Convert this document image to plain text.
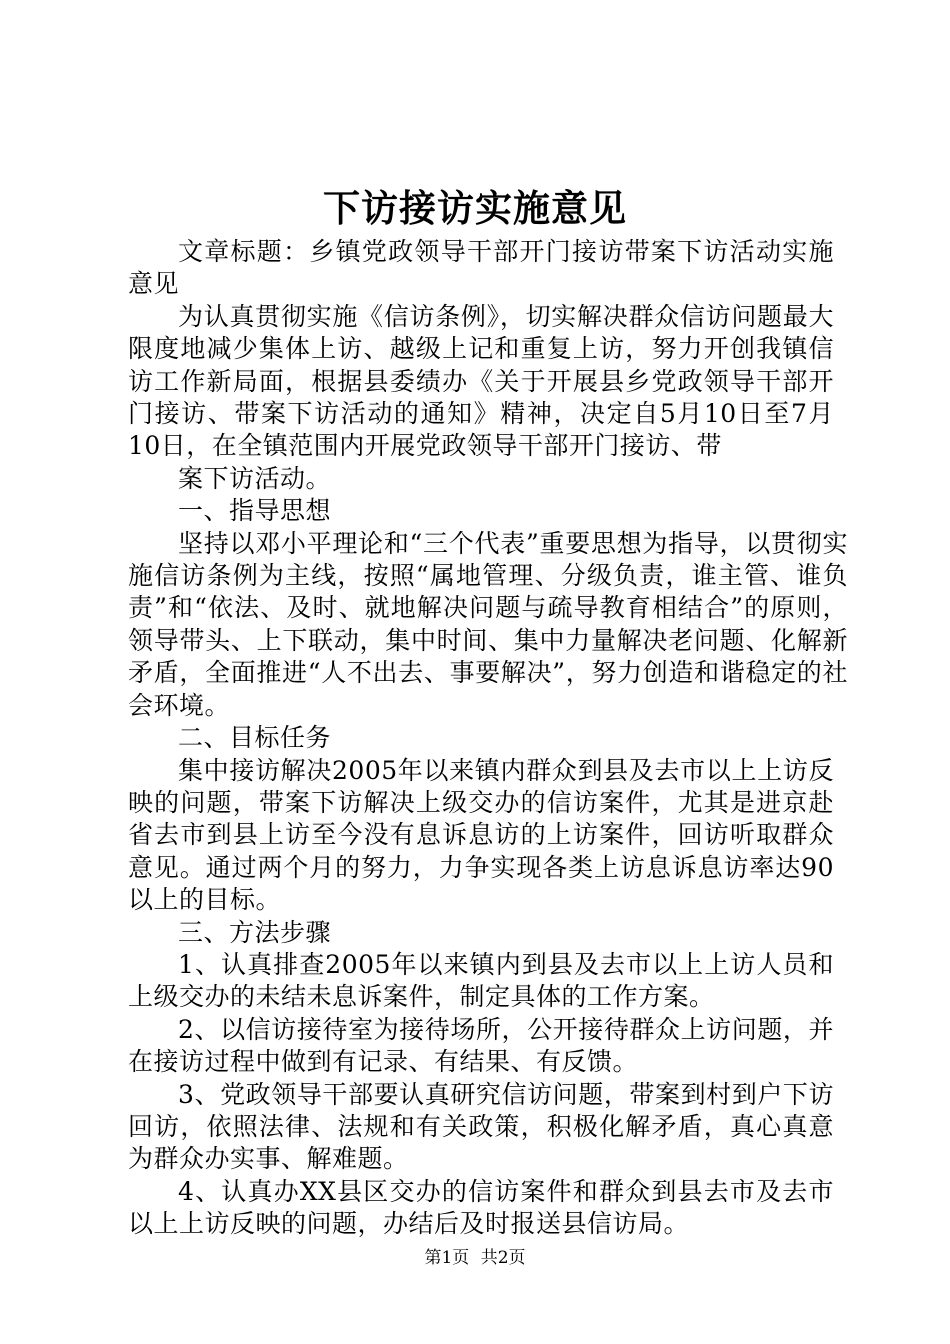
下访接访实施意见

文章标题：乡镇党政领导干部开门接访带案下访活动实施意见

为认真贯彻实施《信访条例》，切实解决群众信访问题最大限度地减少集体上访、越级上记和重复上访，努力开创我镇信访工作新局面，根据县委绩办《关于开展县乡党政领导干部开门接访、带案下访活动的通知》精神，决定自5月10日至7月10日，在全镇范围内开展党政领导干部开门接访、带

案下访活动。

一、指导思想

坚持以邓小平理论和“三个代表”重要思想为指导，以贯彻实施信访条例为主线，按照“属地管理、分级负责，谁主管、谁负责”和“依法、及时、就地解决问题与疏导教育相结合”的原则，领导带头、上下联动，集中时间、集中力量解决老问题、化解新矛盾，全面推进“人不出去、事要解决”，努力创造和谐稳定的社会环境。

二、目标任务

集中接访解决2005年以来镇内群众到县及去市以上上访反映的问题，带案下访解决上级交办的信访案件，尤其是进京赴省去市到县上访至今没有息诉息访的上访案件，回访听取群众意见。通过两个月的努力，力争实现各类上访息诉息访率达90以上的目标。

三、方法步骤

1、认真排查2005年以来镇内到县及去市以上上访人员和上级交办的未结未息诉案件，制定具体的工作方案。

2、以信访接待室为接待场所，公开接待群众上访问题，并在接访过程中做到有记录、有结果、有反馈。

3、党政领导干部要认真研究信访问题，带案到村到户下访回访，依照法律、法规和有关政策，积极化解矛盾，真心真意为群众办实事、解难题。

4、认真办XX县区交办的信访案件和群众到县去市及去市以上上访反映的问题，办结后及时报送县信访局。

第1页 共2页
